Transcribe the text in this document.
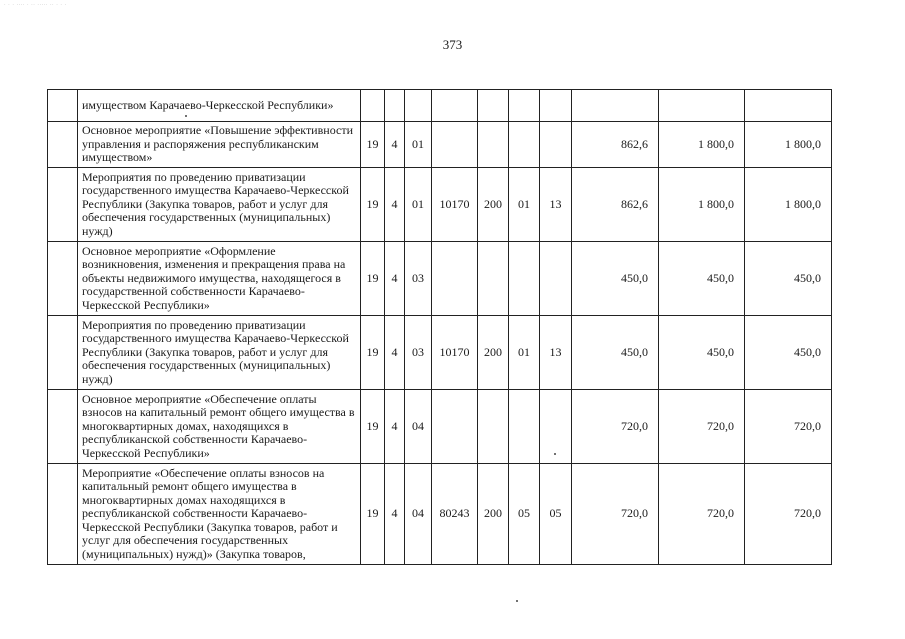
· · · ···· · ·· ····· ·· · · ·
373
	имуществом Карачаево-Черкесской Республики»										
	Основное мероприятие «Повышение эффективности управления и распоряжения республиканским имуществом»	19	4	01					862,6	1 800,0	1 800,0
	Мероприятия по проведению приватизации государственного имущества Карачаево-Черкесской Республики (Закупка товаров, работ и услуг для обеспечения государственных (муниципальных) нужд)	19	4	01	10170	200	01	13	862,6	1 800,0	1 800,0
	Основное мероприятие «Оформление возникновения, изменения и прекращения права на объекты недвижимого имущества, находящегося в государственной собственности Карачаево-Черкесской Республики»	19	4	03					450,0	450,0	450,0
	Мероприятия по проведению приватизации государственного имущества Карачаево-Черкесской Республики (Закупка товаров, работ и услуг для обеспечения государственных (муниципальных) нужд)	19	4	03	10170	200	01	13	450,0	450,0	450,0
	Основное мероприятие «Обеспечение оплаты взносов на капитальный ремонт общего имущества в многоквартирных домах, находящихся в республиканской собственности Карачаево-Черкесской Республики»	19	4	04					720,0	720,0	720,0
	Мероприятие «Обеспечение оплаты взносов на капитальный ремонт общего имущества в многоквартирных домах находящихся в республиканской собственности Карачаево-Черкесской Республики (Закупка товаров, работ и услуг для обеспечения государственных (муниципальных) нужд)» (Закупка товаров,	19	4	04	80243	200	05	05	720,0	720,0	720,0
